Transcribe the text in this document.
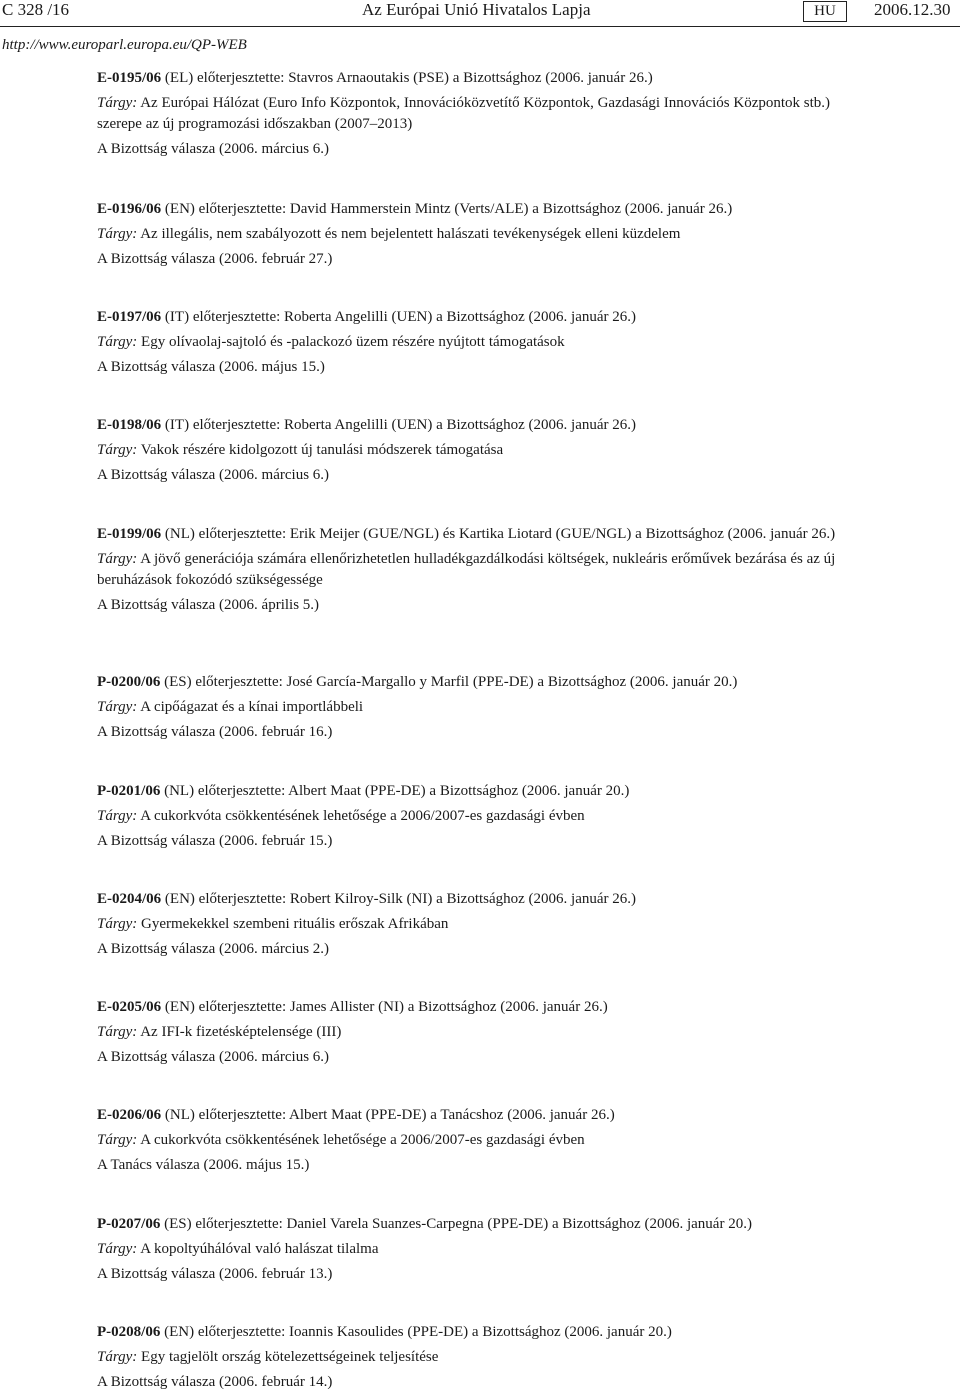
C 328 /16	Az Európai Unió Hivatalos Lapja	HU	2006.12.30
http://www.europarl.europa.eu/QP-WEB
E-0195/06 (EL) előterjesztette: Stavros Arnaoutakis (PSE) a Bizottsághoz (2006. január 26.)
Tárgy: Az Európai Hálózat (Euro Info Központok, Innovációközvetítő Központok, Gazdasági Innovációs Központok stb.) szerepe az új programozási időszakban (2007–2013)
A Bizottság válasza (2006. március 6.)
E-0196/06 (EN) előterjesztette: David Hammerstein Mintz (Verts/ALE) a Bizottsághoz (2006. január 26.)
Tárgy: Az illegális, nem szabályozott és nem bejelentett halászati tevékenységek elleni küzdelem
A Bizottság válasza (2006. február 27.)
E-0197/06 (IT) előterjesztette: Roberta Angelilli (UEN) a Bizottsághoz (2006. január 26.)
Tárgy: Egy olívaolaj-sajtoló és -palackozó üzem részére nyújtott támogatások
A Bizottság válasza (2006. május 15.)
E-0198/06 (IT) előterjesztette: Roberta Angelilli (UEN) a Bizottsághoz (2006. január 26.)
Tárgy: Vakok részére kidolgozott új tanulási módszerek támogatása
A Bizottság válasza (2006. március 6.)
E-0199/06 (NL) előterjesztette: Erik Meijer (GUE/NGL) és Kartika Liotard (GUE/NGL) a Bizottsághoz (2006. január 26.)
Tárgy: A jövő generációja számára ellenőrizhetetlen hulladékgazdálkodási költségek, nukleáris erőművek bezárása és az új beruházások fokozódó szükségessége
A Bizottság válasza (2006. április 5.)
P-0200/06 (ES) előterjesztette: José García-Margallo y Marfil (PPE-DE) a Bizottsághoz (2006. január 20.)
Tárgy: A cipőágazat és a kínai importlábbeli
A Bizottság válasza (2006. február 16.)
P-0201/06 (NL) előterjesztette: Albert Maat (PPE-DE) a Bizottsághoz (2006. január 20.)
Tárgy: A cukorkvóta csökkentésének lehetősége a 2006/2007-es gazdasági évben
A Bizottság válasza (2006. február 15.)
E-0204/06 (EN) előterjesztette: Robert Kilroy-Silk (NI) a Bizottsághoz (2006. január 26.)
Tárgy: Gyermekekkel szembeni rituális erőszak Afrikában
A Bizottság válasza (2006. március 2.)
E-0205/06 (EN) előterjesztette: James Allister (NI) a Bizottsághoz (2006. január 26.)
Tárgy: Az IFI-k fizetésképtelensége (III)
A Bizottság válasza (2006. március 6.)
E-0206/06 (NL) előterjesztette: Albert Maat (PPE-DE) a Tanácshoz (2006. január 26.)
Tárgy: A cukorkvóta csökkentésének lehetősége a 2006/2007-es gazdasági évben
A Tanács válasza (2006. május 15.)
P-0207/06 (ES) előterjesztette: Daniel Varela Suanzes-Carpegna (PPE-DE) a Bizottsághoz (2006. január 20.)
Tárgy: A kopoltyúhálóval való halászat tilalma
A Bizottság válasza (2006. február 13.)
P-0208/06 (EN) előterjesztette: Ioannis Kasoulides (PPE-DE) a Bizottsághoz (2006. január 20.)
Tárgy: Egy tagjelölt ország kötelezettségeinek teljesítése
A Bizottság válasza (2006. február 14.)
